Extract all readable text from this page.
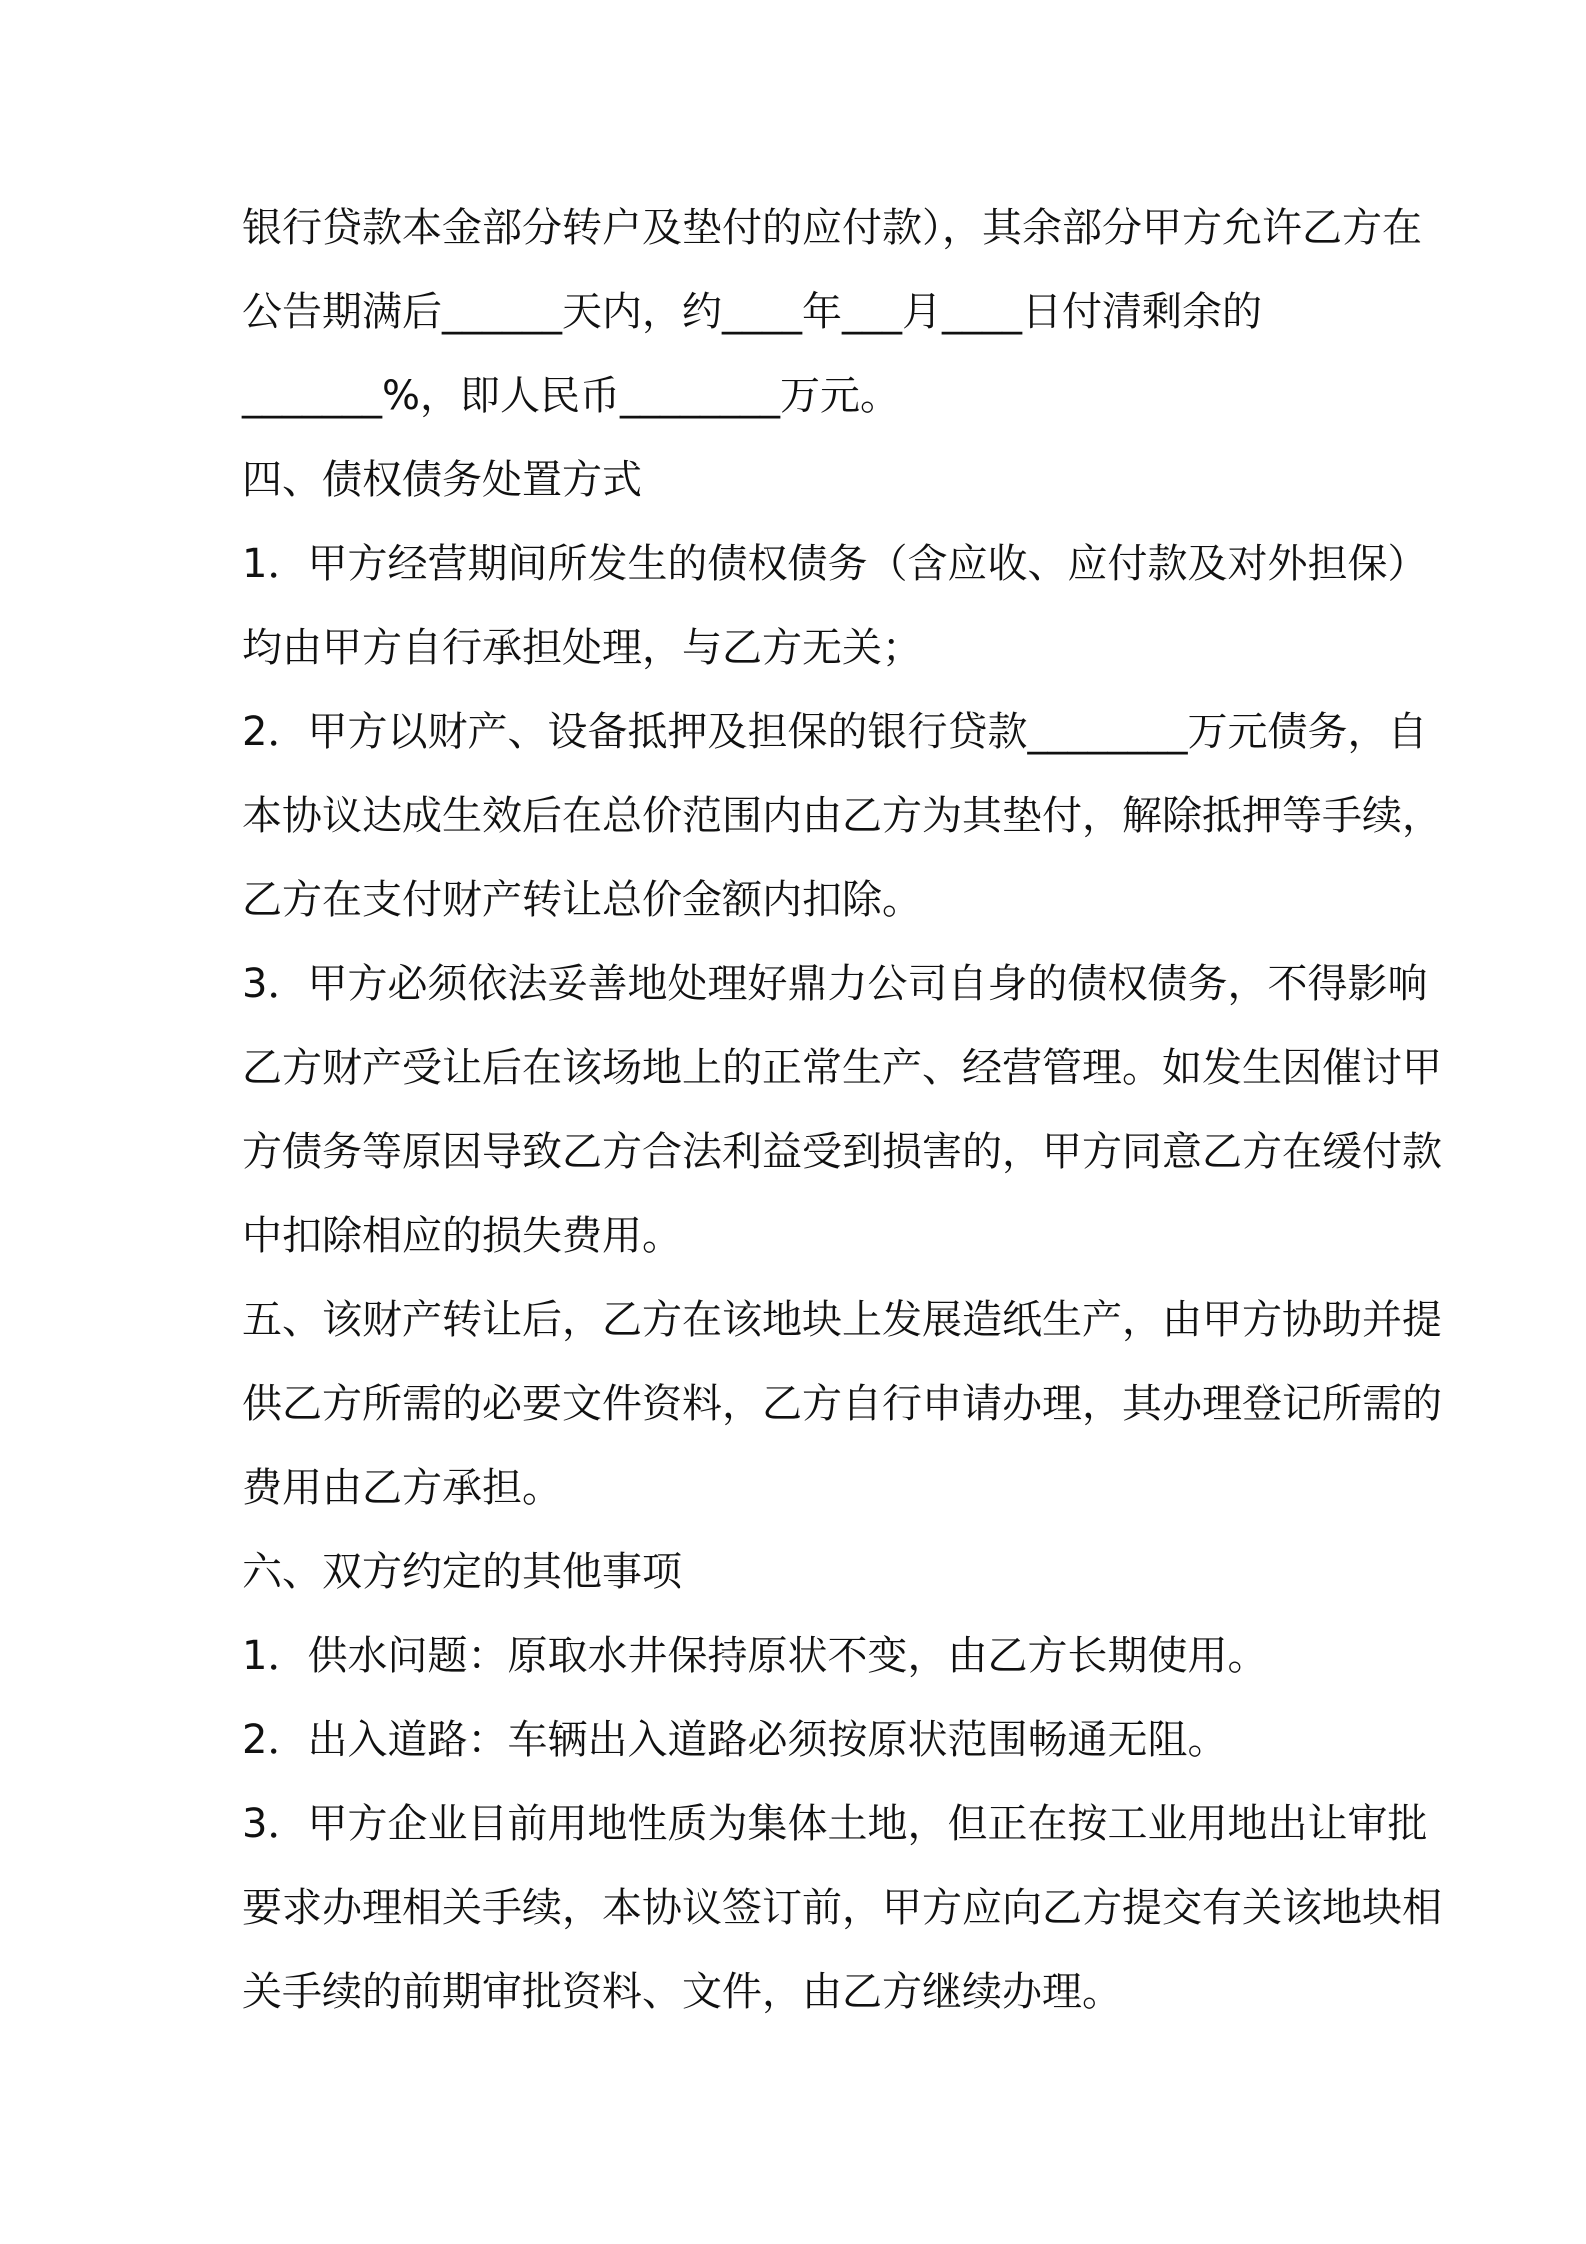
银行贷款本金部分转户及垫付的应付款），其余部分甲方允许乙方在
公告期满后______天内，约____年___月____日付清剩余的
_______%，即人民币________万元。
四、债权债务处置方式
1．甲方经营期间所发生的债权债务（含应收、应付款及对外担保）
均由甲方自行承担处理，与乙方无关；
2．甲方以财产、设备抵押及担保的银行贷款________万元债务，自
本协议达成生效后在总价范围内由乙方为其垫付，解除抵押等手续，
乙方在支付财产转让总价金额内扣除。
3．甲方必须依法妥善地处理好鼎力公司自身的债权债务，不得影响
乙方财产受让后在该场地上的正常生产、经营管理。如发生因催讨甲
方债务等原因导致乙方合法利益受到损害的，甲方同意乙方在缓付款
中扣除相应的损失费用。
五、该财产转让后，乙方在该地块上发展造纸生产，由甲方协助并提
供乙方所需的必要文件资料，乙方自行申请办理，其办理登记所需的
费用由乙方承担。
六、双方约定的其他事项
1．供水问题：原取水井保持原状不变，由乙方长期使用。
2．出入道路：车辆出入道路必须按原状范围畅通无阻。
3．甲方企业目前用地性质为集体土地，但正在按工业用地出让审批
要求办理相关手续，本协议签订前，甲方应向乙方提交有关该地块相
关手续的前期审批资料、文件，由乙方继续办理。
